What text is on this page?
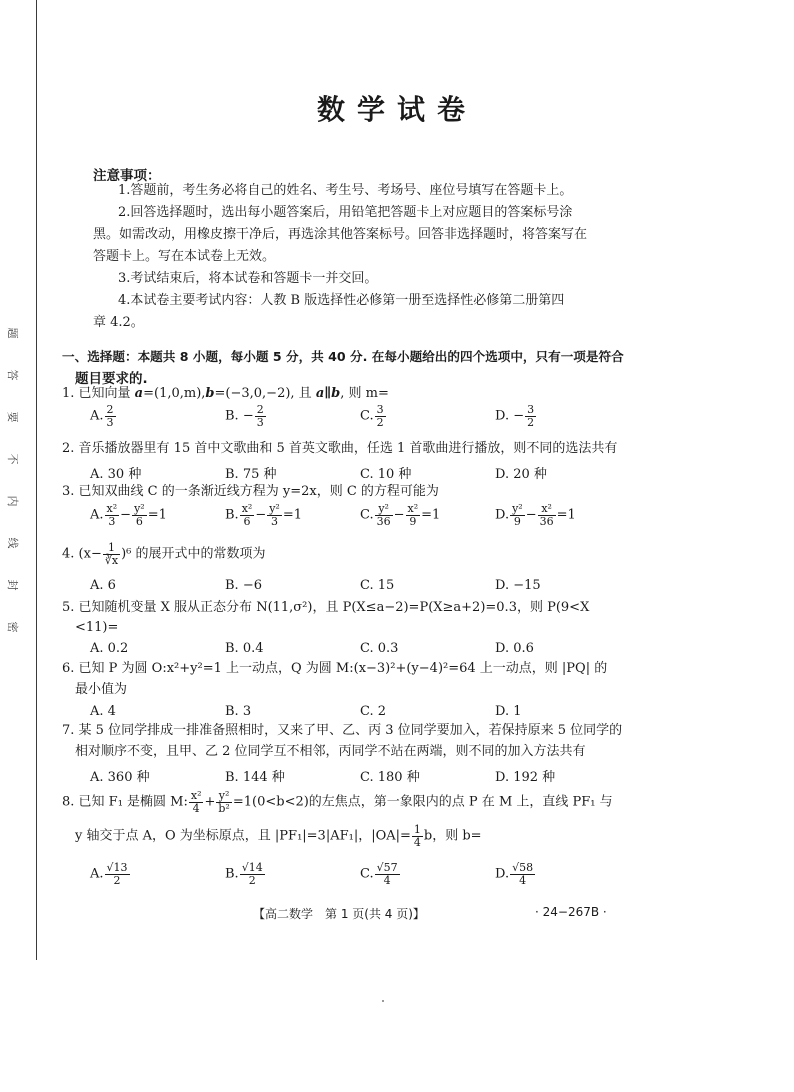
题
答
要
不
内
线
封
密
数学试卷
注意事项：
1.答题前，考生务必将自己的姓名、考生号、考场号、座位号填写在答题卡上。
2.回答选择题时，选出每小题答案后，用铅笔把答题卡上对应题目的答案标号涂
黑。如需改动，用橡皮擦干净后，再选涂其他答案标号。回答非选择题时，将答案写在
答题卡上。写在本试卷上无效。
3.考试结束后，将本试卷和答题卡一并交回。
4.本试卷主要考试内容：人教 B 版选择性必修第一册至选择性必修第二册第四
章 4.2。
一、选择题：本题共 8 小题，每小题 5 分，共 40 分. 在每小题给出的四个选项中，只有一项是符合
题目要求的.
1. 已知向量 a=(1,0,m),b=(−3,0,−2), 且 a∥b, 则 m=
A. $\frac{2}{3}$	B. − $\frac{2}{3}$	C. $\frac{3}{2}$	D. − $\frac{3}{2}$
2. 音乐播放器里有 15 首中文歌曲和 5 首英文歌曲，任选 1 首歌曲进行播放，则不同的选法共有
A. 30 种	B. 75 种	C. 10 种	D. 20 种
3. 已知双曲线 C 的一条渐近线方程为 y=2x，则 C 的方程可能为
A. $\frac{\text{x²}}{3} - \frac{\text{y²}}{6} =1$	B. $\frac{\text{x²}}{6} - \frac{\text{y²}}{3} =1$	C. $\frac{\text{y²}}{36} - \frac{\text{x²}}{9} =1$	D. $\frac{\text{y²}}{9} - \frac{\text{x²}}{36} =1$
4. $(x- \frac{1}{∛x} )^6$ 的展开式中的常数项为
A. 6	B. −6	C. 15	D. −15
5. 已知随机变量 X 服从正态分布 N(11,σ²)，且 P(X≤a−2)=P(X≥a+2)=0.3，则 P(9<X
<11)=
A. 0.2	B. 0.4	C. 0.3	D. 0.6
6. 已知 P 为圆 O:x²+y²=1 上一动点，Q 为圆 M:(x−3)²+(y−4)²=64 上一动点，则 |PQ| 的
最小值为
A. 4	B. 3	C. 2	D. 1
7. 某 5 位同学排成一排准备照相时，又来了甲、乙、丙 3 位同学要加入，若保持原来 5 位同学的
相对顺序不变，且甲、乙 2 位同学互不相邻，丙同学不站在两端，则不同的加入方法共有
A. 360 种	B. 144 种	C. 180 种	D. 192 种
8. 已知 F₁ 是椭圆 M: $\frac{\text{x²}}{4} + \frac{\text{y²}}{\text{b²}} =1(0<b<2)$的左焦点，第一象限内的点 P 在 M 上，直线 PF₁ 与
y 轴交于点 A，O 为坐标原点，且 |PF₁|=3|AF₁|，$|OA|= \frac{1}{4}$ b，则 b=
A. $\frac{√13}{2}$	B. $\frac{√14}{2}$	C. $\frac{√57}{4}$	D. $\frac{√58}{4}$
【高二数学　第 1 页(共 4 页)】	· 24−267B ·
